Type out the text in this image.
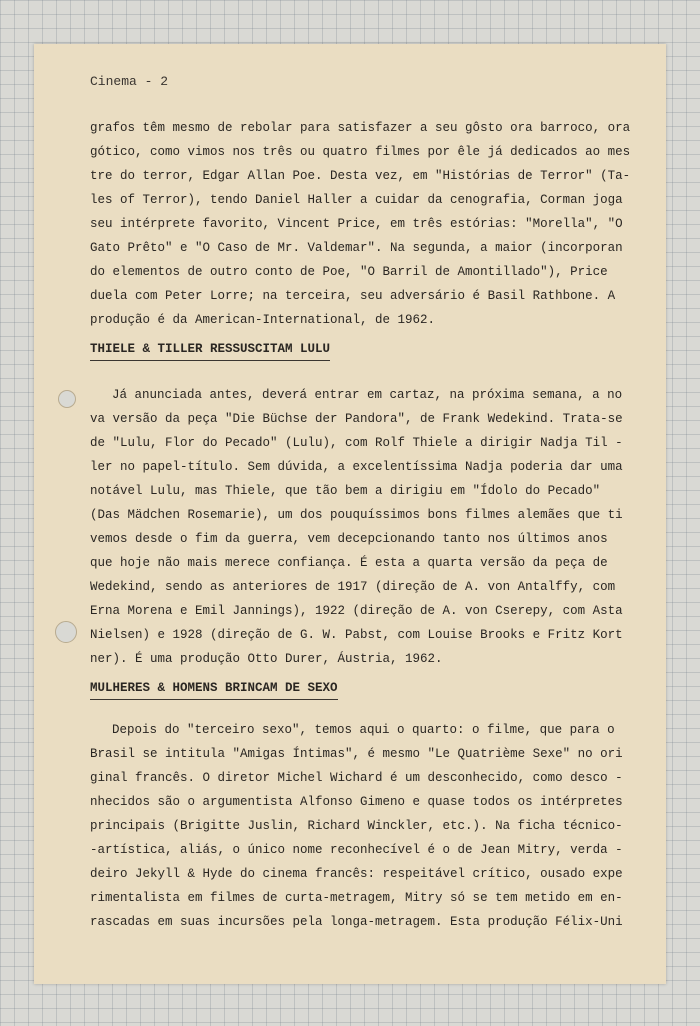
Cinema - 2
grafos têm mesmo de rebolar para satisfazer a seu gôsto ora barroco, ora
gótico, como vimos nos três ou quatro filmes por êle já dedicados ao mes
tre do terror, Edgar Allan Poe. Desta vez, em "Histórias de Terror" (Ta-
les of Terror), tendo Daniel Haller a cuidar da cenografia, Corman joga
seu intérprete favorito, Vincent Price, em três estórias: "Morella", "O
Gato Prêto" e "O Caso de Mr. Valdemar". Na segunda, a maior (incorporan
do elementos de outro conto de Poe, "O Barril de Amontillado"), Price
duela com Peter Lorre; na terceira, seu adversário é Basil Rathbone. A
produção é da American-International, de 1962.
THIELE & TILLER RESSUSCITAM LULU
Já anunciada antes, deverá entrar em cartaz, na próxima semana, a no
va versão da peça "Die Büchse der Pandora", de Frank Wedekind. Trata-se
de "Lulu, Flor do Pecado" (Lulu), com Rolf Thiele a dirigir Nadja Til -
ler no papel-título. Sem dúvida, a excelentíssima Nadja poderia dar uma
notável Lulu, mas Thiele, que tão bem a dirigiu em "Ídolo do Pecado"
(Das Mädchen Rosemarie), um dos pouquíssimos bons filmes alemães que ti
vemos desde o fim da guerra, vem decepcionando tanto nos últimos anos
que hoje não mais merece confiança. É esta a quarta versão da peça de
Wedekind, sendo as anteriores de 1917 (direção de A. von Antalffy, com
Erna Morena e Emil Jannings), 1922 (direção de A. von Cserepy, com Asta
Nielsen) e 1928 (direção de G. W. Pabst, com Louise Brooks e Fritz Kort
ner). É uma produção Otto Durer, Áustria, 1962.
MULHERES & HOMENS BRINCAM DE SEXO
Depois do "terceiro sexo", temos aqui o quarto: o filme, que para o
Brasil se intitula "Amigas Íntimas", é mesmo "Le Quatrième Sexe" no ori
ginal francês. O diretor Michel Wichard é um desconhecido, como desco -
nhecidos são o argumentista Alfonso Gimeno e quase todos os intérpretes
principais (Brigitte Juslin, Richard Winckler, etc.). Na ficha técnico-
-artística, aliás, o único nome reconhecível é o de Jean Mitry, verda -
deiro Jekyll & Hyde do cinema francês: respeitável crítico, ousado expe
rimentalista em filmes de curta-metragem, Mitry só se tem metido em en-
rascadas em suas incursões pela longa-metragem. Esta produção Félix-Uni
